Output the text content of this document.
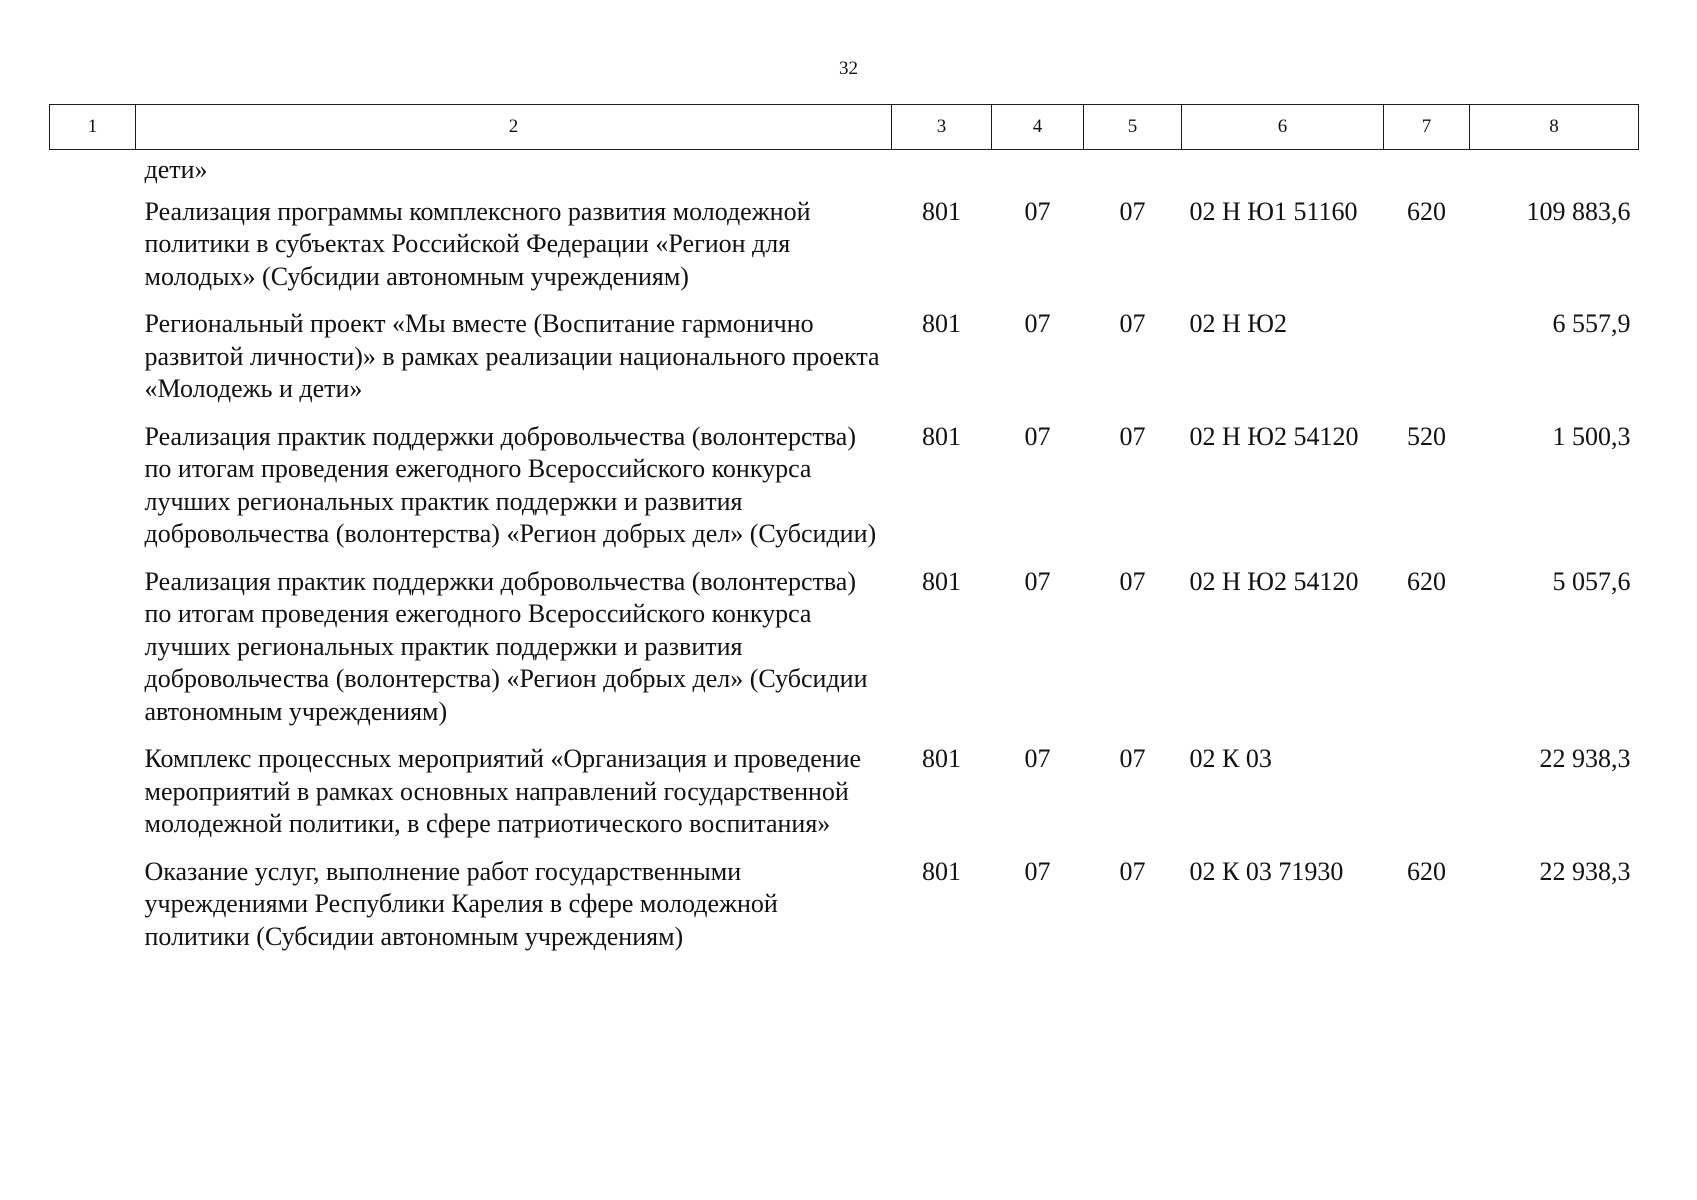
32
1	2	3	4	5	6	7	8
	дети»						
	Реализация программы комплексного развития молодежной политики в субъектах Российской Федерации «Регион для молодых» (Субсидии автономным учреждениям)	801	07	07	02 Н Ю1 51160	620	109 883,6
	Региональный проект «Мы вместе (Воспитание гармонично развитой личности)» в рамках реализации национального проекта «Молодежь и дети»	801	07	07	02 Н Ю2		6 557,9
	Реализация практик поддержки добровольчества (волонтерства) по итогам проведения ежегодного Всероссийского конкурса лучших региональных практик поддержки и развития добровольчества (волонтерства) «Регион добрых дел» (Субсидии)	801	07	07	02 Н Ю2 54120	520	1 500,3
	Реализация практик поддержки добровольчества (волонтерства) по итогам проведения ежегодного Всероссийского конкурса лучших региональных практик поддержки и развития добровольчества (волонтерства) «Регион добрых дел» (Субсидии автономным учреждениям)	801	07	07	02 Н Ю2 54120	620	5 057,6
	Комплекс процессных мероприятий «Организация и проведение мероприятий в рамках основных направлений государственной молодежной политики, в сфере патриотического воспитания»	801	07	07	02 К 03		22 938,3
	Оказание услуг, выполнение работ государственными учреждениями Республики Карелия в сфере молодежной политики (Субсидии автономным учреждениям)	801	07	07	02 К 03 71930	620	22 938,3
